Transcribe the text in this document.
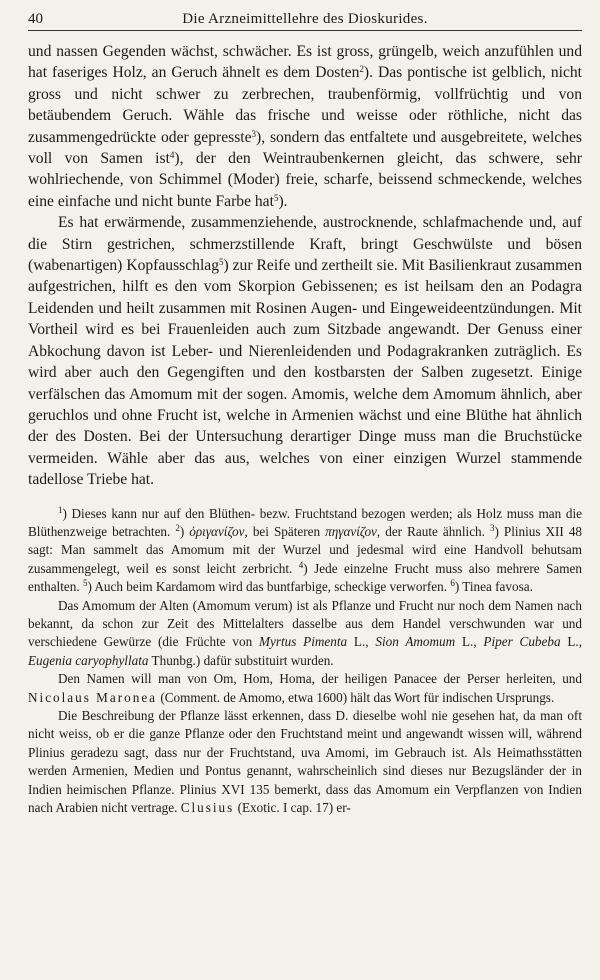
40	Die Arzneimittellehre des Dioskurides.

und nassen Gegenden wächst, schwächer. Es ist gross, grüngelb, weich anzufühlen und hat faseriges Holz, an Geruch ähnelt es dem Dosten$^2$). Das pontische ist gelblich, nicht gross und nicht schwer zu zerbrechen, traubenförmig, vollfrüchtig und von betäubendem Geruch. Wähle das frische und weisse oder röthliche, nicht das zusammengedrückte oder gepresste$^3$), sondern das entfaltete und ausgebreitete, welches voll von Samen ist$^4$), der den Weintraubenkernen gleicht, das schwere, sehr wohlriechende, von Schimmel (Moder) freie, scharfe, beissend schmeckende, welches eine einfache und nicht bunte Farbe hat$^5$).

Es hat erwärmende, zusammenziehende, austrocknende, schlafmachende und, auf die Stirn gestrichen, schmerzstillende Kraft, bringt Geschwülste und bösen (wabenartigen) Kopfausschlag$^5$) zur Reife und zertheilt sie. Mit Basilienkraut zusammen aufgestrichen, hilft es den vom Skorpion Gebissenen; es ist heilsam den an Podagra Leidenden und heilt zusammen mit Rosinen Augen- und Eingeweideentzündungen. Mit Vortheil wird es bei Frauenleiden auch zum Sitzbade angewandt. Der Genuss einer Abkochung davon ist Leber- und Nierenleidenden und Podagrakranken zuträglich. Es wird aber auch den Gegengiften und den kostbarsten der Salben zugesetzt. Einige verfälschen das Amomum mit der sogen. Amomis, welche dem Amomum ähnlich, aber geruchlos und ohne Frucht ist, welche in Armenien wächst und eine Blüthe hat ähnlich der des Dosten. Bei der Untersuchung derartiger Dinge muss man die Bruchstücke vermeiden. Wähle aber das aus, welches von einer einzigen Wurzel stammende tadellose Triebe hat.

$^1$) Dieses kann nur auf den Blüthen- bezw. Fruchtstand bezogen werden; als Holz muss man die Blüthenzweige betrachten. $^2$) ὀριγανίζον, bei Späteren πηγανίζον, der Raute ähnlich. $^3$) Plinius XII 48 sagt: Man sammelt das Amomum mit der Wurzel und jedesmal wird eine Handvoll behutsam zusammengelegt, weil es sonst leicht zerbricht. $^4$) Jede einzelne Frucht muss also mehrere Samen enthalten. $^5$) Auch beim Kardamom wird das buntfarbige, scheckige verworfen. $^6$) Tinea favosa.

Das Amomum der Alten (Amomum verum) ist als Pflanze und Frucht nur noch dem Namen nach bekannt, da schon zur Zeit des Mittelalters dasselbe aus dem Handel verschwunden war und verschiedene Gewürze (die Früchte von Myrtus Pimenta L., Sion Amomum L., Piper Cubeba L., Eugenia caryophyllata Thunbg.) dafür substituirt wurden.

Den Namen will man von Om, Hom, Homa, der heiligen Panacee der Perser herleiten, und Nicolaus Maronea (Comment. de Amomo, etwa 1600) hält das Wort für indischen Ursprungs.

Die Beschreibung der Pflanze lässt erkennen, dass D. dieselbe wohl nie gesehen hat, da man oft nicht weiss, ob er die ganze Pflanze oder den Fruchtstand meint und angewandt wissen will, während Plinius geradezu sagt, dass nur der Fruchtstand, uva Amomi, im Gebrauch ist. Als Heimathsstätten werden Armenien, Medien und Pontus genannt, wahrscheinlich sind dieses nur Bezugsländer der in Indien heimischen Pflanze. Plinius XVI 135 bemerkt, dass das Amomum ein Verpflanzen von Indien nach Arabien nicht vertrage. Clusius (Exotic. I cap. 17) er-
